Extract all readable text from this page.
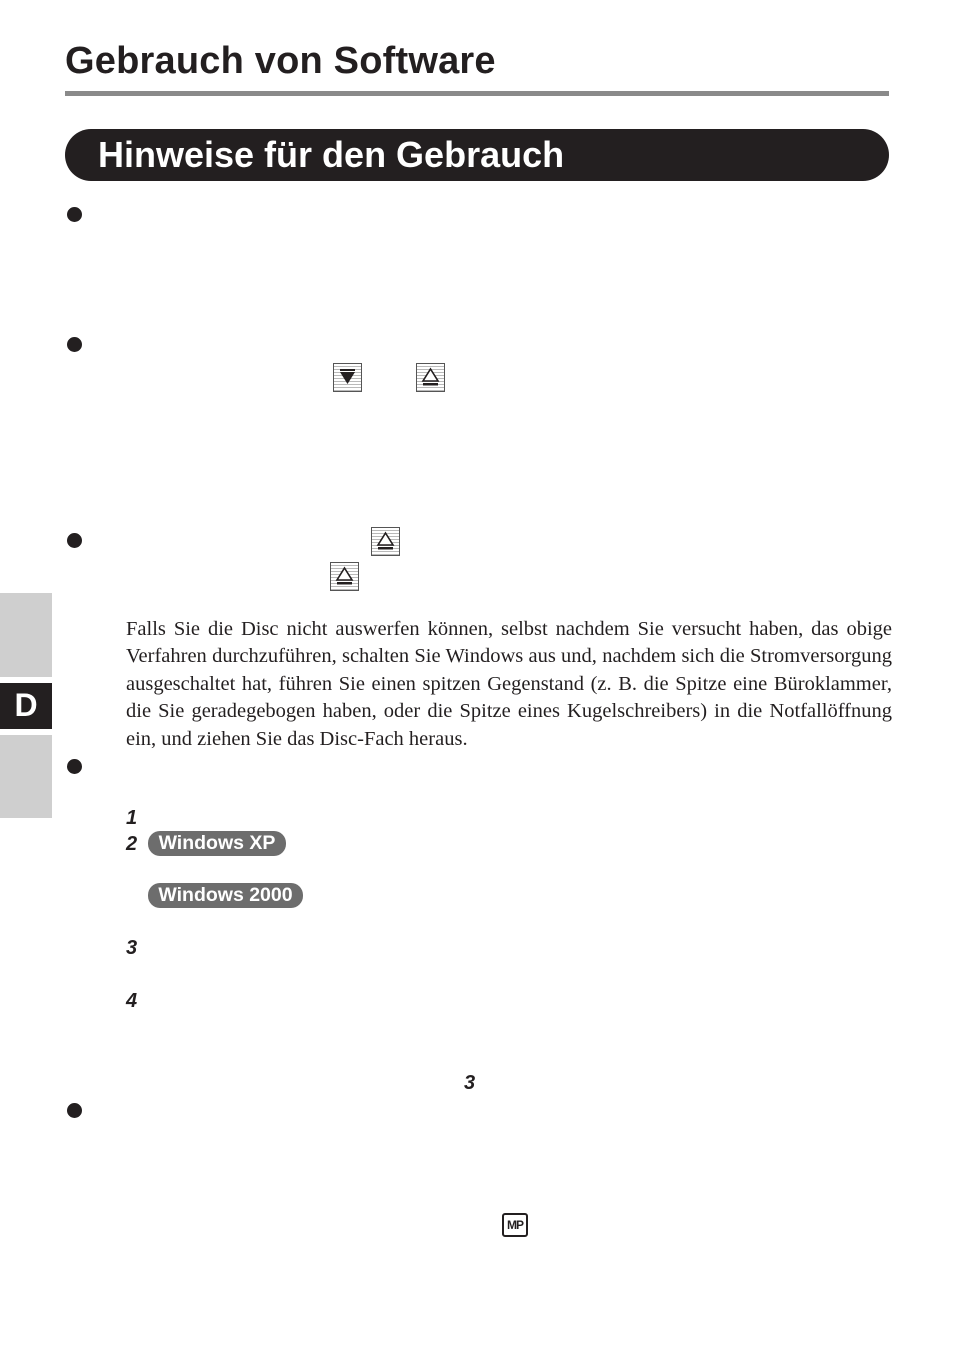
Gebrauch von Software
Hinweise für den Gebrauch
D
Falls Sie die Disc nicht auswerfen können, selbst nachdem Sie versucht haben, das obige Verfahren durchzuführen, schalten Sie Windows aus und, nachdem sich die Stromversorgung ausgeschaltet hat, führen Sie einen spitzen Gegenstand (z. B. die Spitze eine Büroklammer, die Sie geradegebogen haben, oder die Spitze eines Kugelschreibers) in die Notfallöffnung ein, und ziehen Sie das Disc-Fach heraus.
1
2	Windows XP
Windows 2000
3
4
3
MP
